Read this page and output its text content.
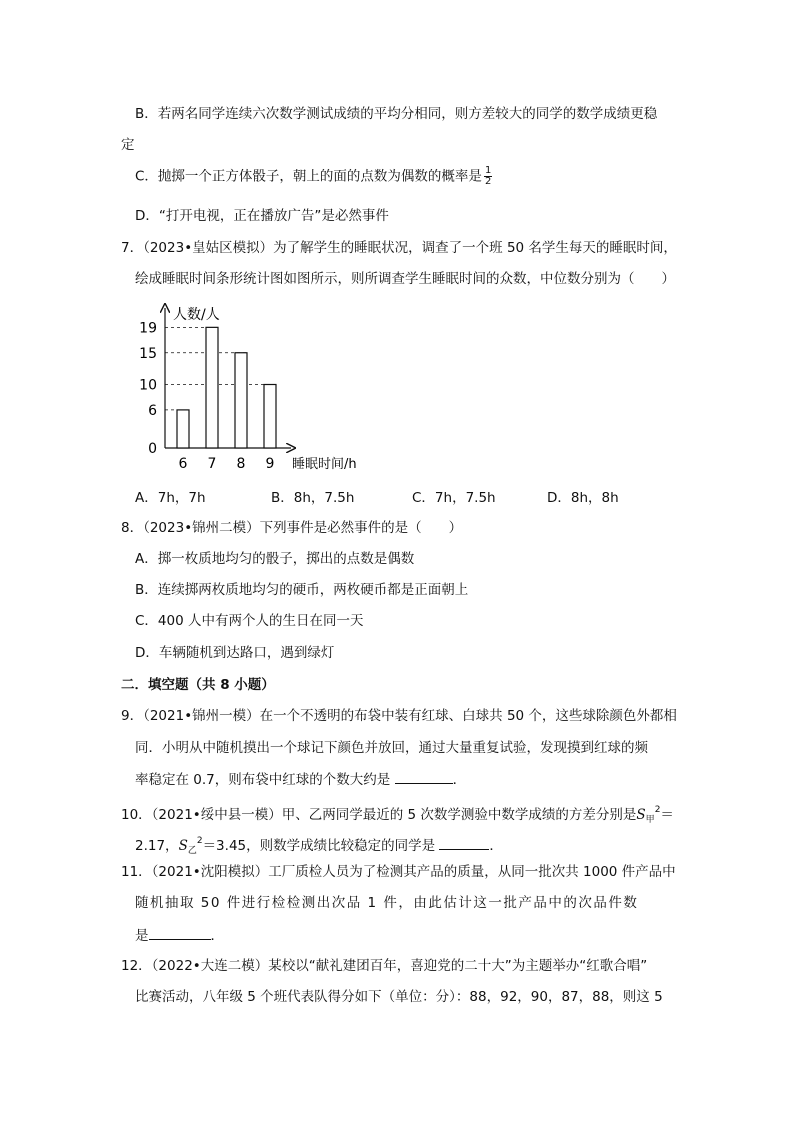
B．若两名同学连续六次数学测试成绩的平均分相同，则方差较大的同学的数学成绩更稳
定
C．抛掷一个正方体骰子，朝上的面的点数为偶数的概率是 $\frac{1}{2}$
D．“打开电视，正在播放广告”是必然事件
7．（2023•皇姑区模拟）为了解学生的睡眠状况，调查了一个班 50 名学生每天的睡眠时间，
绘成睡眠时间条形统计图如图所示，则所调查学生睡眠时间的众数，中位数分别为（　　）
0
6
10
15
19
6 7 8 9
人数/人
睡眠时间/h
A．7h，7h	B．8h，7.5h	C．7h，7.5h	D．8h，8h
8．（2023•锦州二模）下列事件是必然事件的是（　　）
A．掷一枚质地均匀的骰子，掷出的点数是偶数
B．连续掷两枚质地均匀的硬币，两枚硬币都是正面朝上
C．400 人中有两个人的生日在同一天
D．车辆随机到达路口，遇到绿灯
二．填空题（共 8 小题）
9．（2021•锦州一模）在一个不透明的布袋中装有红球、白球共 50 个，这些球除颜色外都相
同．小明从中随机摸出一个球记下颜色并放回，通过大量重复试验，发现摸到红球的频
率稳定在 0.7，则布袋中红球的个数大约是	．
10．（2021•绥中县一模）甲、乙两同学最近的 5 次数学测验中数学成绩的方差分别是$S_甲^2=$
2.17，$S_乙^2=3.45$，则数学成绩比较稳定的同学是	．
11．（2021•沈阳模拟）工厂质检人员为了检测其产品的质量，从同一批次共 1000 件产品中
随机抽取 50 件进行检检测出次品 1 件，由此估计这一批产品中的次品件数
是	．
12．（2022•大连二模）某校以“献礼建团百年，喜迎党的二十大”为主题举办“红歌合唱”
比赛活动，八年级 5 个班代表队得分如下（单位：分）：88，92，90，87，88，则这 5
